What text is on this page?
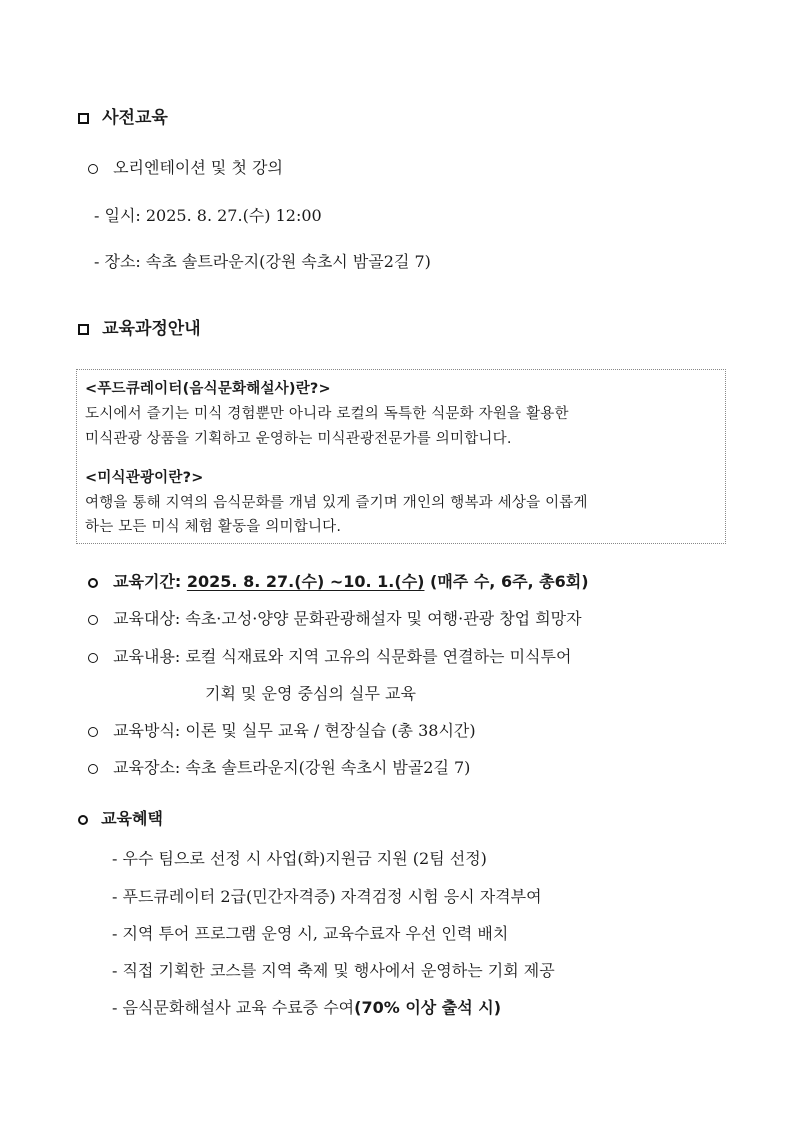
사전교육
오리엔테이션 및 첫 강의
- 일시: 2025. 8. 27.(수) 12:00
- 장소: 속초 솔트라운지(강원 속초시 밤골2길 7)
교육과정안내
<푸드큐레이터(음식문화해설사)란?>
도시에서 즐기는 미식 경험뿐만 아니라 로컬의 독특한 식문화 자원을 활용한
미식관광 상품을 기획하고 운영하는 미식관광전문가를 의미합니다.
<미식관광이란?>
여행을 통해 지역의 음식문화를 개념 있게 즐기며 개인의 행복과 세상을 이롭게
하는 모든 미식 체험 활동을 의미합니다.
교육기간: 2025. 8. 27.(수) ~10. 1.(수) (매주 수, 6주, 총6회)
교육대상: 속초·고성·양양 문화관광해설자 및 여행·관광 창업 희망자
교육내용: 로컬 식재료와 지역 고유의 식문화를 연결하는 미식투어
기획 및 운영 중심의 실무 교육
교육방식: 이론 및 실무 교육 / 현장실습 (총 38시간)
교육장소: 속초 솔트라운지(강원 속초시 밤골2길 7)
교육혜택
- 우수 팀으로 선정 시 사업(화)지원금 지원 (2팀 선정)
- 푸드큐레이터 2급(민간자격증) 자격검정 시험 응시 자격부여
- 지역 투어 프로그램 운영 시, 교육수료자 우선 인력 배치
- 직접 기획한 코스를 지역 축제 및 행사에서 운영하는 기회 제공
- 음식문화해설사 교육 수료증 수여(70% 이상 출석 시)
